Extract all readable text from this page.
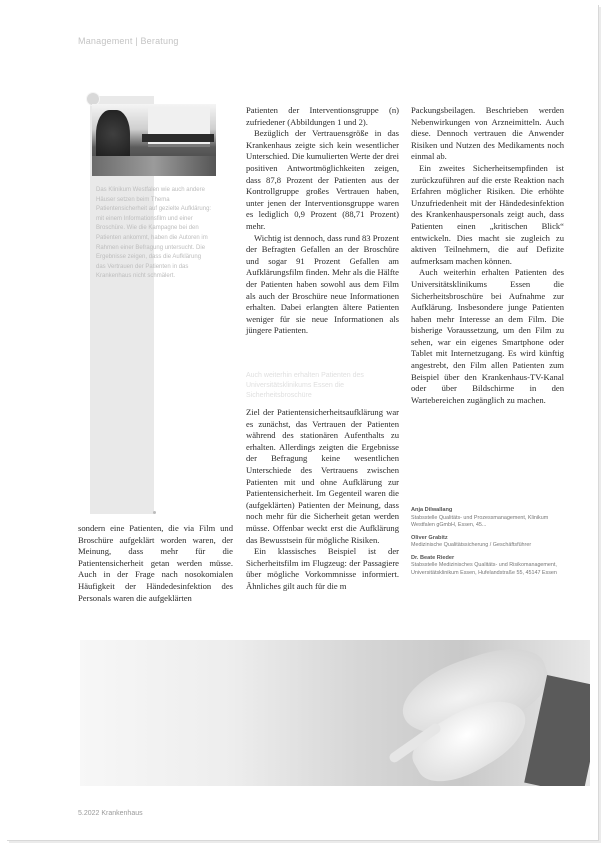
Management | Beratung

Das Klinikum Westfalen wie auch andere Häuser setzen beim Thema Patientensicherheit auf gezielte Aufklärung: mit einem Informationsfilm und einer Broschüre. Wie die Kampagne bei den Patienten ankommt, haben die Autoren im Rahmen einer Befragung untersucht. Die Ergebnisse zeigen, dass die Aufklärung das Vertrauen der Patienten in das Krankenhaus nicht schmälert.

Patienten der Interventionsgruppe (n) zufriedener (Abbildungen 1 und 2).

Bezüglich der Vertrauensgröße in das Krankenhaus zeigte sich kein wesentlicher Unterschied. Die kumulierten Werte der drei positiven Antwortmöglichkeiten zeigen, dass 87,8 Prozent der Patienten aus der Kontrollgruppe großes Vertrauen haben, unter jenen der Interventionsgruppe waren es lediglich 0,9 Prozent (88,71 Prozent) mehr.

Wichtig ist dennoch, dass rund 83 Prozent der Befragten Gefallen an der Broschüre und sogar 91 Prozent Gefallen am Aufklärungsfilm finden. Mehr als die Hälfte der Patienten haben sowohl aus dem Film als auch der Broschüre neue Informationen erhalten. Dabei erlangten ältere Patienten weniger für sie neue Informationen als jüngere Patienten.

Auch weiterhin erhalten Patienten des Universitätsklinikums Essen die Sicherheitsbroschüre

Ziel der Patientensicherheitsaufklärung war es zunächst, das Vertrauen der Patienten während des stationären Aufenthalts zu erhalten. Allerdings zeigten die Ergebnisse der Befragung keine wesentlichen Unterschiede des Vertrauens zwischen Patienten mit und ohne Aufklärung zur Patientensicherheit. Im Gegenteil waren die (aufgeklärten) Patienten der Meinung, dass noch mehr für die Sicherheit getan werden müsse. Offenbar weckt erst die Aufklärung das Bewusstsein für mögliche Risiken.

Ein klassisches Beispiel ist der Sicherheitsfilm im Flugzeug: der Passagiere über mögliche Vorkommnisse informiert. Ähnliches gilt auch für die m

sondern eine Patienten, die via Film und Broschüre aufgeklärt worden waren, der Meinung, dass mehr für die Patientensicherheit getan werden müsse. Auch in der Frage nach nosokomialen Häufigkeit der Händedesinfektion des Personals waren die aufgeklärten

Packungsbeilagen. Beschrieben werden Nebenwirkungen von Arzneimitteln. Auch diese. Dennoch vertrauen die Anwender Risiken und Nutzen des Medikaments noch einmal ab.

Ein zweites Sicherheitsempfinden ist zurückzuführen auf die erste Reaktion nach Erfahren möglicher Risiken. Die erhöhte Unzufriedenheit mit der Händedesinfektion des Krankenhauspersonals zeigt auch, dass Patienten einen „kritischen Blick“ entwickeln. Dies macht sie zugleich zu aktiven Teilnehmern, die auf Defizite aufmerksam machen können.

Auch weiterhin erhalten Patienten des Universitätsklinikums Essen die Sicherheitsbroschüre bei Aufnahme zur Aufklärung. Insbesondere junge Patienten haben mehr Interesse an dem Film. Die bisherige Voraussetzung, um den Film zu sehen, war ein eigenes Smartphone oder Tablet mit Internetzugang. Es wird künftig angestrebt, den Film allen Patienten zum Beispiel über den Krankenhaus-TV-Kanal oder über Bildschirme in den Wartebereichen zugänglich zu machen.

Anja Dilwallang
Stabsstelle Qualitäts- und Prozessmanagement, Klinikum Westfalen gGmbH, Essen, 45...
Oliver Grabitz
Medizinische Qualitätssicherung / Geschäftsführer
Dr. Beate Rieder
Stabsstelle Medizinisches Qualitäts- und Risikomanagement, Universitätsklinikum Essen, Hufelandstraße 55, 45147 Essen
5.2022 Krankenhaus
